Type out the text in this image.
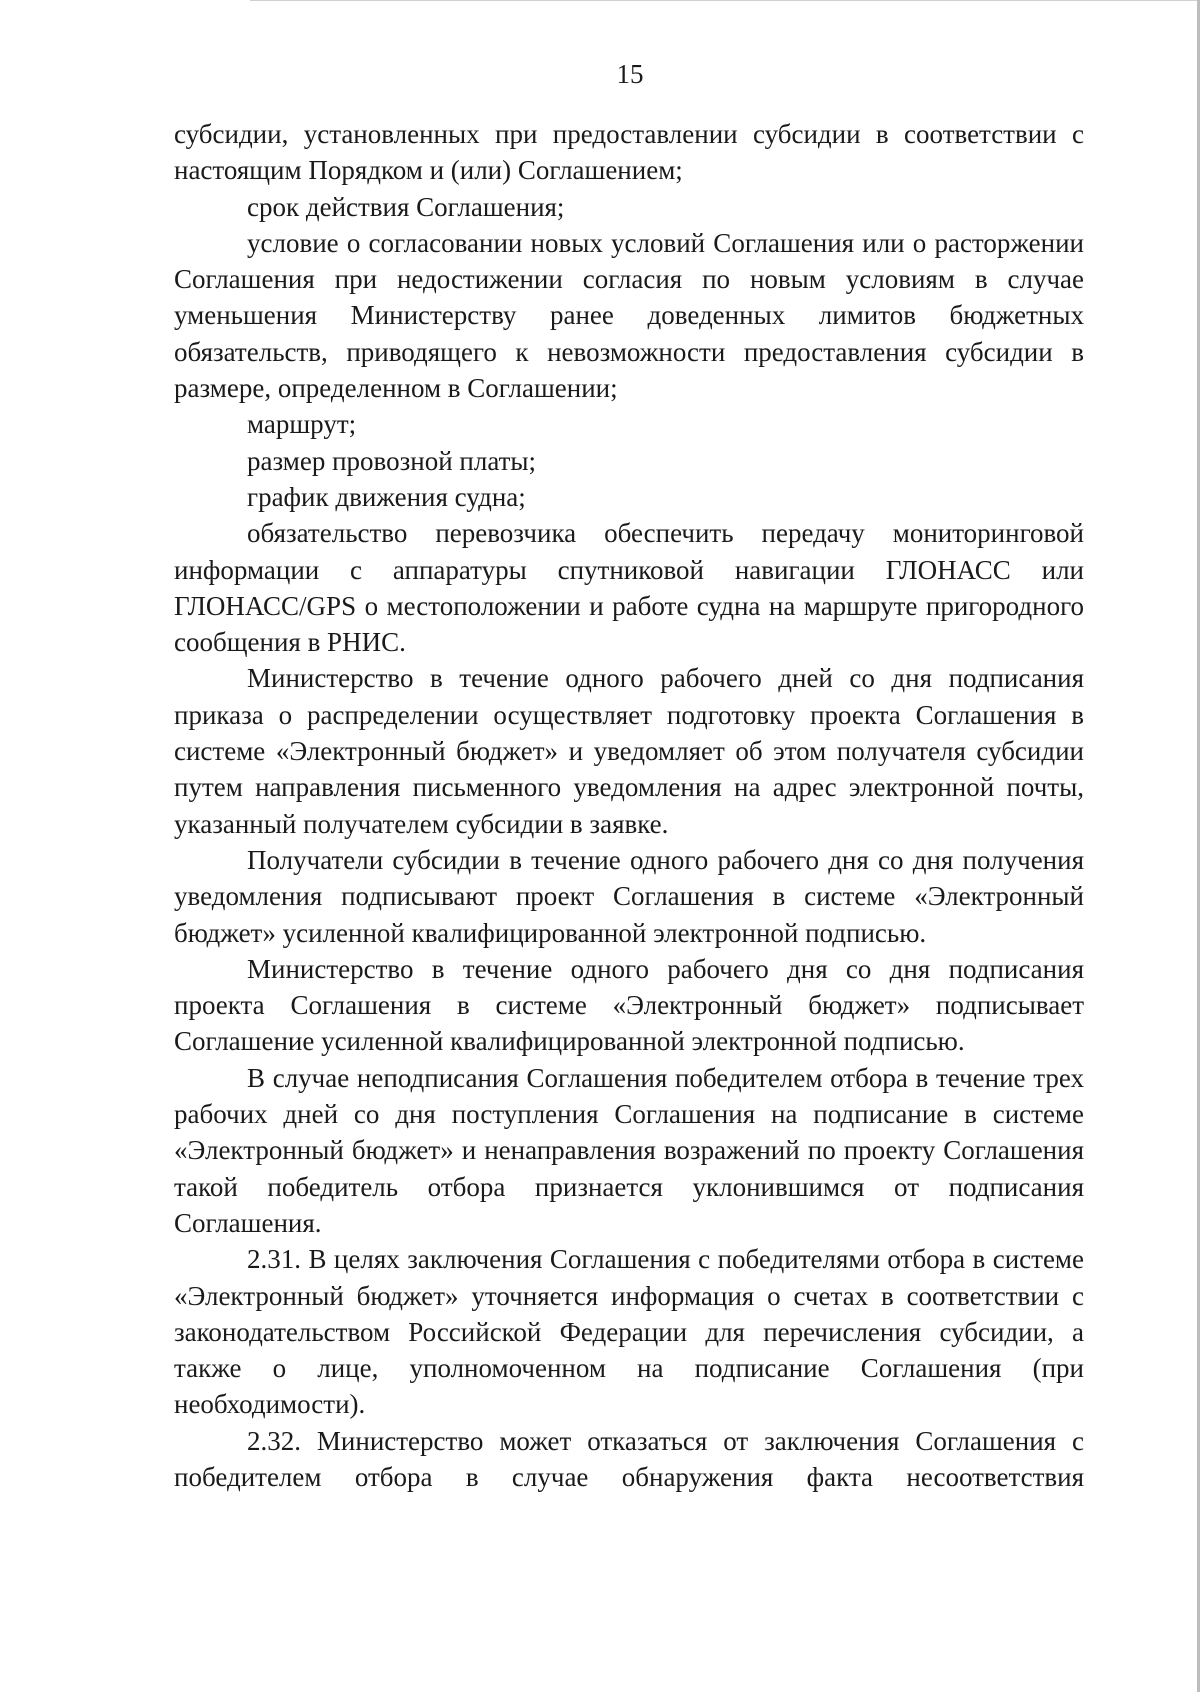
15

субсидии, установленных при предоставлении субсидии в соответствии с настоящим Порядком и (или) Соглашением;

срок действия Соглашения;

условие о согласовании новых условий Соглашения или о расторжении Соглашения при недостижении согласия по новым условиям в случае уменьшения Министерству ранее доведенных лимитов бюджетных обязательств, приводящего к невозможности предоставления субсидии в размере, определенном в Соглашении;

маршрут;

размер провозной платы;

график движения судна;

обязательство перевозчика обеспечить передачу мониторинговой информации с аппаратуры спутниковой навигации ГЛОНАСС или ГЛОНАСС/GPS о местоположении и работе судна на маршруте пригородного сообщения в РНИС.

Министерство в течение одного рабочего дней со дня подписания приказа о распределении осуществляет подготовку проекта Соглашения в системе «Электронный бюджет» и уведомляет об этом получателя субсидии путем направления письменного уведомления на адрес электронной почты, указанный получателем субсидии в заявке.

Получатели субсидии в течение одного рабочего дня со дня получения уведомления подписывают проект Соглашения в системе «Электронный бюджет» усиленной квалифицированной электронной подписью.

Министерство в течение одного рабочего дня со дня подписания проекта Соглашения в системе «Электронный бюджет» подписывает Соглашение усиленной квалифицированной электронной подписью.

В случае неподписания Соглашения победителем отбора в течение трех рабочих дней со дня поступления Соглашения на подписание в системе «Электронный бюджет» и ненаправления возражений по проекту Соглашения такой победитель отбора признается уклонившимся от подписания Соглашения.

2.31. В целях заключения Соглашения с победителями отбора в системе «Электронный бюджет» уточняется информация о счетах в соответствии с законодательством Российской Федерации для перечисления субсидии, а также о лице, уполномоченном на подписание Соглашения (при необходимости).

2.32. Министерство может отказаться от заключения Соглашения с победителем отбора в случае обнаружения факта несоответствия
